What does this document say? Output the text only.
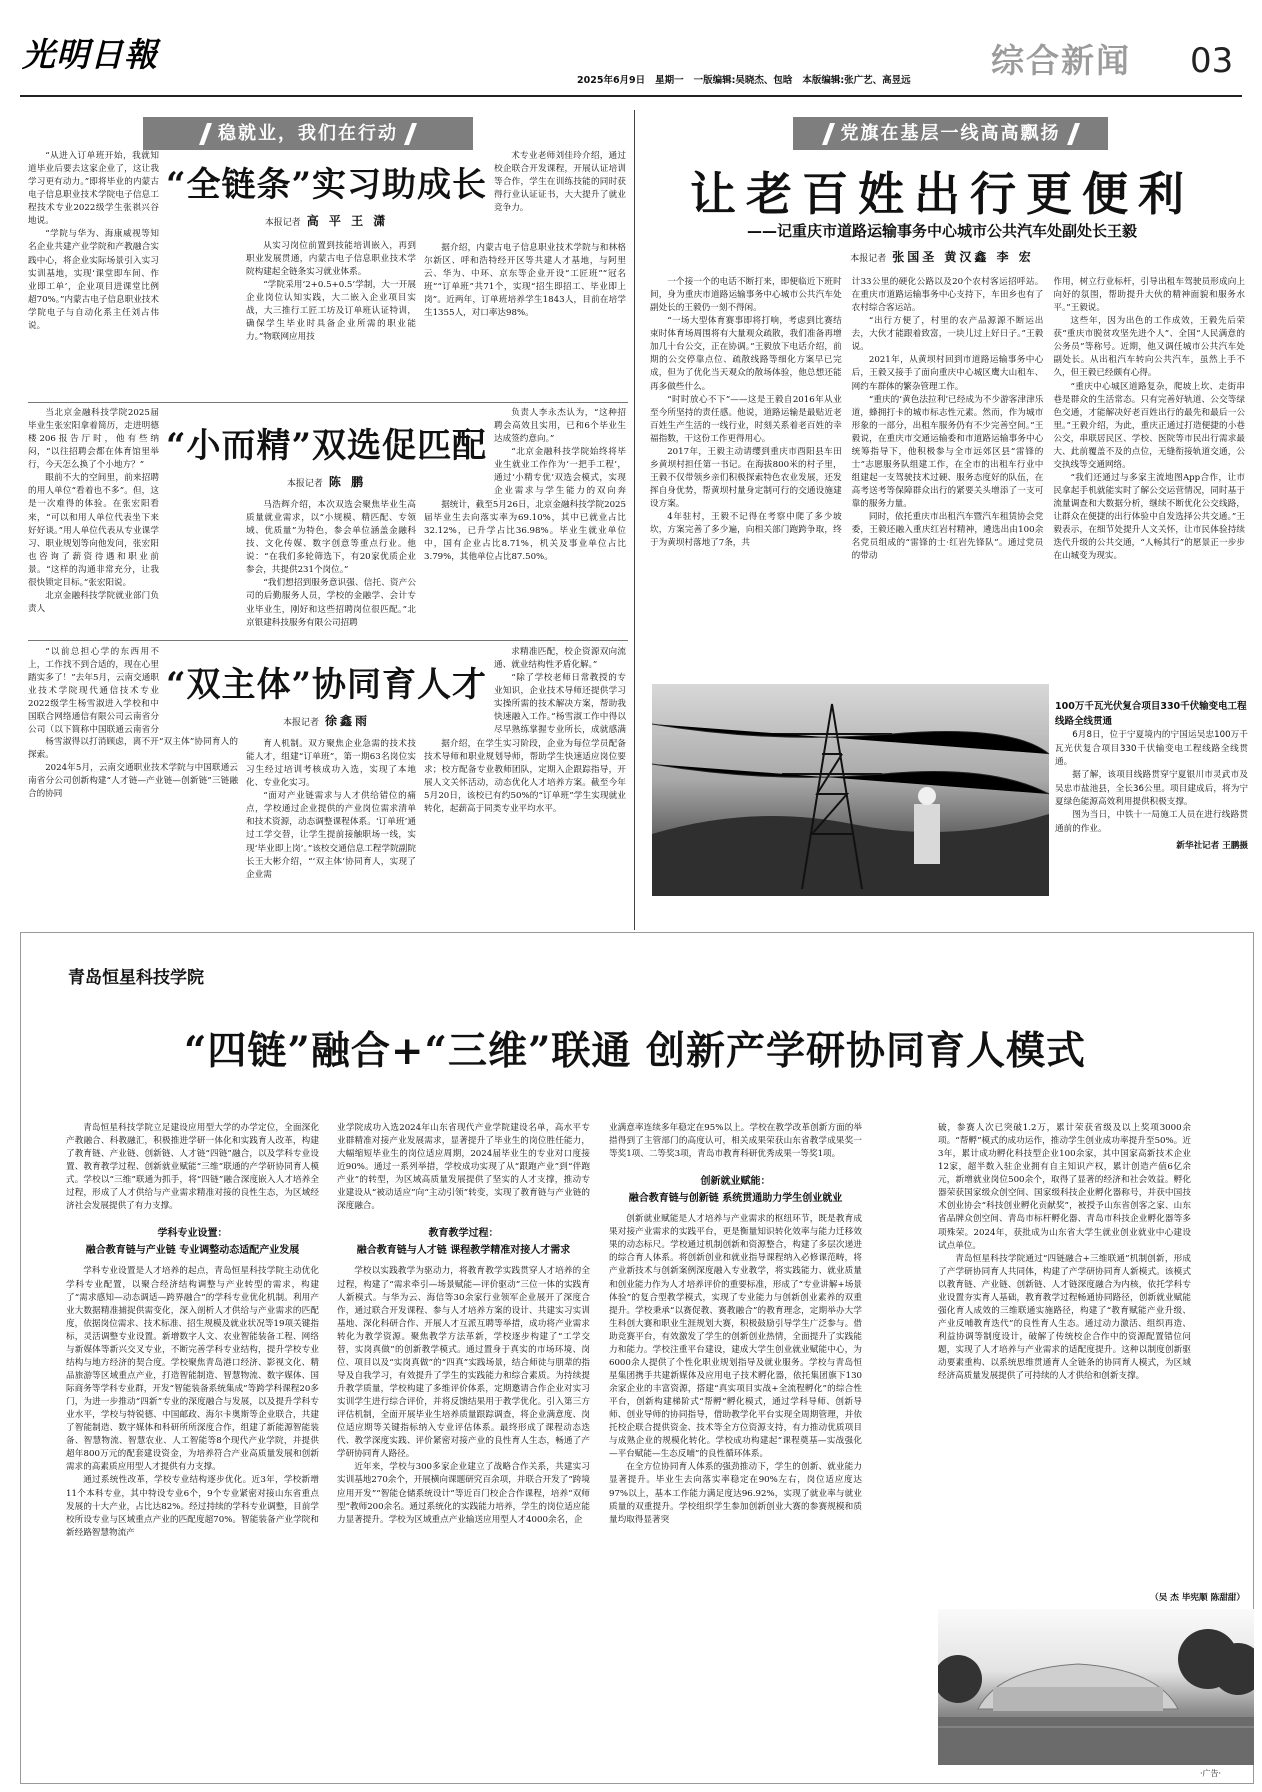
光明日報
2025年6月9日 星期一 一版编辑:吴晓杰、包晗 本版编辑:张广艺、高昱远
综合新闻	03
稳就业，我们在行动

“从进入订单班开始，我就知道毕业后要去这家企业了，这让我学习更有动力。”即将毕业的内蒙古电子信息职业技术学院电子信息工程技术专业2022级学生张祺兴谷地说。

“学院与华为、海康威视等知名企业共建产业学院和产教融合实践中心，将企业实际场景引入实习实训基地，实现‘课堂即车间、作业即工单’，企业项目进课堂比例超70%。”内蒙古电子信息职业技术学院电子与自动化系主任刘占伟说。

“全链条”实习助成长
本报记者 高 平 王 潇

从实习岗位前置到技能培训嵌入，再到职业发展贯通，内蒙古电子信息职业技术学院构建起全链条实习就业体系。

“学院采用‘2+0.5+0.5’学制，大一开展企业岗位认知实践，大二嵌入企业项目实战，大三推行工匠工坊及订单班认证特训，确保学生毕业时具备企业所需的职业能力。”物联网应用技

术专业老师刘佳玲介绍，通过校企联合开发课程，开展认证培训等合作，学生在训练技能的同时获得行业认证证书，大大提升了就业竞争力。

据介绍，内蒙古电子信息职业技术学院与和林格尔新区、呼和浩特经开区等共建人才基地，与阿里云、华为、中环、京东等企业开设“工匠班”“冠名班”“订单班”共71个，实现“招生即招工、毕业即上岗”。近两年，订单班培养学生1843人，目前在培学生1355人，对口率达98%。

当北京金融科技学院2025届毕业生张宏阳拿着简历，走进明德楼206报告厅时，他有些纳闷，“以往招聘会都在体育馆里举行，今天怎么换了个小地方？”

眼前不大的空间里，前来招聘的用人单位“看着也不多”。但，这是一次难得的体验。在张宏阳看来，“可以和用人单位代表坐下来好好谈。”用人单位代表从专业课学习、职业规划等向他发问，张宏阳也咨询了薪资待遇和职业前景。“这样的沟通非常充分，让我很快锁定目标。”张宏阳说。

北京金融科技学院就业部门负责人

“小而精”双选促匹配
本报记者 陈 鹏

马浩辉介绍，本次双选会聚焦毕业生高质量就业需求，以“小规模、精匹配、专领域、优质量”为特色，参会单位涵盖金融科技、文化传媒、数字创意等重点行业。他说：“在我们多轮筛选下，有20家优质企业参会，共提供231个岗位。”

“我们想招到服务意识强、信托、资产公司的后勤服务人员，学校的金融学、会计专业毕业生，刚好和这些招聘岗位很匹配。”北京银建科技服务有限公司招聘

负责人李永杰认为，“这种招聘会高效且实用，已和6个毕业生达成签约意向。”

“北京金融科技学院始终将毕业生就业工作作为‘一把手工程’，通过‘小精专优’双选会模式，实现企业需求与学生能力的双向奔

据统计，截至5月26日，北京金融科技学院2025届毕业生去向落实率为69.10%，其中已就业占比32.12%，已升学占比36.98%。毕业生就业单位中，国有企业占比8.71%，机关及事业单位占比3.79%，其他单位占比87.50%。

“以前总担心学的东西用不上，工作找不到合适的，现在心里踏实多了！”去年5月，云南交通职业技术学院现代通信技术专业2022级学生杨雪淑进入学校和中国联合网络通信有限公司云南省分公司（以下简称中国联通云南省分

杨雪淑得以打消顾虑，离不开“双主体”协同育人的探索。

2024年5月，云南交通职业技术学院与中国联通云南省分公司创新构建“人才链—产业链—创新链”三链融合的协同

“双主体”协同育人才
本报记者 徐鑫雨

育人机制。双方聚焦企业急需的技术技能人才，组建“订单班”，第一期63名岗位实习生经过培训考核成功入选，实现了本地化、专业化实习。

“面对产业链需求与人才供给错位的痛点，学校通过企业提供的产业岗位需求清单和技术资源，动态调整课程体系。‘订单班’通过工学交替，让学生提前接触职场一线，实现‘毕业即上岗’。”该校交通信息工程学院副院长王大彬介绍，“‘双主体’协同育人，实现了企业需

求精准匹配，校企资源双向流通、就业结构性矛盾化解。”

“除了学校老师日常教授的专业知识，企业技术导师还提供学习实操所需的技术解决方案，帮助我快速融入工作。”杨雪淑工作中得以尽早熟练掌握专业所长，成就感满

据介绍，在学生实习阶段，企业为每位学员配备技术导师和职业规划导师，帮助学生快速适应岗位要求；校方配备专业教师团队，定期入企跟踪指导，开展人文关怀活动，动态优化人才培养方案。截至今年5月20日，该校已有约50%的“订单班”学生实现就业转化，起薪高于同类专业平均水平。

党旗在基层一线高高飘扬
让老百姓出行更便利
——记重庆市道路运输事务中心城市公共汽车处副处长王毅
本报记者 张国圣 黄汉鑫 李 宏

一个接一个的电话不断打来，即便临近下班时间，身为重庆市道路运输事务中心城市公共汽车处副处长的王毅仍一刻不得闲。

“一场大型体育赛事即将打响，考虑到比赛结束时体育场周围将有大量观众疏散，我们准备再增加几十台公交，正在协调。”王毅放下电话介绍，前期的公交停靠点位、疏散线路等细化方案早已完成，但为了优化当天观众的散场体验，他总想还能再多做些什么。

“时时放心不下”——这是王毅自2016年从业至今所坚持的责任感。他说，道路运输是最贴近老百姓生产生活的一线行业，时刻关系着老百姓的幸福指数，干这份工作更得用心。

2017年，王毅主动请缨到重庆市酉阳县车田乡黄坝村担任第一书记。在海拔800米的村子里，王毅不仅带领乡亲们积极探索特色农业发展，还发挥自身优势，帮黄坝村量身定制可行的交通设施建设方案。

4年驻村，王毅不记得在考察中爬了多少坡坎，方案完善了多少遍，向相关部门跑跨争取，终于为黄坝村落地了7条，共

计33公里的硬化公路以及20个农村客运招呼站。在重庆市道路运输事务中心支持下，车田乡也有了农村综合客运站。

“出行方便了，村里的农产品源源不断运出去，大伙才能跟着致富，一块儿过上好日子。”王毅说。

2021年，从黄坝村回到市道路运输事务中心后，王毅又接手了面向重庆中心城区鹰大山租车、网约车群体的繁杂管理工作。

“重庆的‘黄色法拉利’已经成为不少游客津津乐道，蜂拥打卡的城市标志性元素。然而，作为城市形象的一部分，出租车服务仍有不少完善空间。”王毅说，在重庆市交通运输委和市道路运输事务中心统筹指导下，他积极参与全市远郊区县“雷锋的士”志愿服务队组建工作，在全市的出租车行业中组建起一支驾驶技术过硬、服务态度好的队伍，在高考送考等保障群众出行的紧要关头增添了一支可靠的服务力量。

同时，依托重庆市出租汽车暨汽车租赁协会党委，王毅还融入重庆红岩村精神，遴选出由100余名党员组成的“雷锋的士·红岩先锋队”。通过党员的带动

作用，树立行业标杆，引导出租车驾驶员形成向上向好的氛围，帮助提升大伙的精神面貌和服务水平。”王毅说。

这些年，因为出色的工作成效，王毅先后荣获“重庆市脱贫攻坚先进个人”、全国“人民满意的公务员”等称号。近期，他又调任城市公共汽车处副处长。从出租汽车转向公共汽车，虽然上手不久，但王毅已经颇有心得。

“重庆中心城区道路复杂，爬坡上坎、走街串巷是群众的生活常态。只有完善好轨道、公交等绿色交通，才能解决好老百姓出行的最先和最后一公里。”王毅介绍，为此，重庆正通过打造便捷的小巷公交，串联居民区、学校、医院等市民出行需求最大、此前覆盖不及的点位，无缝衔接轨道交通，公交执线等交通网络。

“我们还通过与多家主流地图App合作，让市民拿起手机就能实时了解公交运营情况，同时基于流量调查和大数据分析，继续不断优化公交线路，让群众在便捷的出行体验中自发选择公共交通。”王毅表示，在细节处提升人文关怀，让市民体验持续迭代升级的公共交通，“人畅其行”的愿景正一步步在山城变为现实。

100万千瓦光伏复合项目330千伏输变电工程线路全线贯通

6月8日，位于宁夏境内的宁国运吴忠100万千瓦光伏复合项目330千伏输变电工程线路全线贯通。

据了解，该项目线路贯穿宁夏银川市灵武市及吴忠市盐池县，全长36公里。项目建成后，将为宁夏绿色能源高效利用提供积极支撑。

图为当日，中铁十一局施工人员在进行线路贯通前的作业。

新华社记者 王鹏摄
青岛恒星科技学院
“四链”融合+“三维”联通 创新产学研协同育人模式

青岛恒星科技学院立足建设应用型大学的办学定位，全面深化产教融合、科教融汇，积极推进学研一体化和实践育人改革，构建了教育链、产业链、创新链、人才链“四链”融合，以及学科专业设置、教育教学过程、创新就业赋能“三维”联通的产学研协同育人模式。学校以“三维”联通为抓手，将“四链”融合深度嵌入人才培养全过程，形成了人才供给与产业需求精准对接的良性生态，为区域经济社会发展提供了有力支撑。

学科专业设置：
融合教育链与产业链 专业调整动态适配产业发展

学科专业设置是人才培养的起点，青岛恒星科技学院主动优化学科专业配置，以聚合经济结构调整与产业转型的需求，构建了“需求感知—动态调适—跨界融合”的学科专业优化机制。利用产业大数据精准捕捉供需变化，深入剖析人才供给与产业需求的匹配度，依据岗位需求、技术标准、招生规模及就业状况等19项关键指标，灵活调整专业设置。新增数字人文、农业智能装备工程、网络与新媒体等新兴交叉专业，不断完善学科专业结构，提升学校专业结构与地方经济的契合度。学校聚焦青岛港口经济、影视文化、精品旅游等区域重点产业，打造智能制造、智慧物流、数字媒体、国际商务等学科专业群，开发“智能装备系统集成”等跨学科课程20多门，为进一步推动“四新”专业的深度融合与发展，以及提升学科专业水平，学校与特锐德、中国邮政、海尔卡奥斯等企业联合，共建了智能制造、数字媒体和科研所所深度合作，组建了新能源智能装备、智慧物流、智慧农业、人工智能等8个现代产业学院，并提供超年800万元的配套建设资金，为培养符合产业高质量发展和创新需求的高素质应用型人才提供有力支撑。

通过系统性改革，学校专业结构逐步优化。近3年，学校新增11个本科专业，其中特设专业6个，9个专业紧密对接山东省重点发展的十大产业，占比达82%。经过持续的学科专业调整，目前学校所设专业与区域重点产业的匹配度超70%。智能装备产业学院和新经路智慧物流产

业学院成功入选2024年山东省现代产业学院建设名单，高水平专业群精准对接产业发展需求，显著提升了毕业生的岗位胜任能力，大幅缩短毕业生的岗位适应周期，2024届毕业生的专业对口度接近90%。通过一系列举措，学校成功实现了从“跟跑产业”到“伴跑产业”的转型，为区域高质量发展提供了坚实的人才支撑，推动专业建设从“被动适应”向“主动引领”转变，实现了教育链与产业链的深度融合。

教育教学过程：
融合教育链与人才链 课程教学精准对接人才需求

学校以实践教学为驱动力，将教育教学实践贯穿人才培养的全过程，构建了“需求牵引—场景赋能—评价驱动”三位一体的实践育人新模式。与华为云、海信等30余家行业领军企业展开了深度合作，通过联合开发课程、参与人才培养方案的设计、共建实习实训基地、深化科研合作、开展人才互派互聘等举措，成功将产业需求转化为教学资源。聚焦教学方法革新，学校逐步构建了“工学交替，实岗真做”的创新教学模式。通过置身于真实的市场环境、岗位、项目以及“实岗真做”的“四真”实践场景，结合师徒与朋辈的指导及自我学习，有效提升了学生的实践能力和综合素质。为持续提升教学质量，学校构建了多维评价体系，定期邀请合作企业对实习实训学生进行综合评价，并将反馈结果用于教学优化。引入第三方评估机制，全面开展毕业生培养质量跟踪调查，将企业满意度、岗位适应期等关键指标纳入专业评估体系。最终形成了课程动态迭代、教学深度实践、评价紧密对接产业的良性育人生态，畅通了产学研协同育人路径。

近年来，学校与300多家企业建立了战略合作关系，共建实习实训基地270余个，开展横向课题研究百余项，并联合开发了“跨境应用开发”“智能仓储系统设计”等近百门校企合作课程，培养“双师型”教师200余名。通过系统化的实践能力培养，学生的岗位适应能力显著提升。学校为区域重点产业输送应用型人才4000余名，企

业满意率连续多年稳定在95%以上。学校在教学改革创新方面的举措得到了主管部门的高度认可，相关成果荣获山东省教学成果奖一等奖1项、二等奖3项，青岛市教育科研优秀成果一等奖1项。

创新就业赋能：
融合教育链与创新链 系统贯通助力学生创业就业

创新就业赋能是人才培养与产业需求的枢纽环节，既是教育成果对接产业需求的实践平台，更是衡量知识转化效率与能力迁移效果的动态标尺。学校通过机制创新和资源整合，构建了多层次递进的综合育人体系。将创新创业和就业指导课程纳入必修课范畴，将产业新技术与创新案例深度融入专业教学，将实践能力、就业质量和创业能力作为人才培养评价的重要标准，形成了“专业讲解+场景体验”的复合型教学模式，实现了专业能力与创新创业素养的双重提升。学校秉承“以赛促教、赛教融合”的教育理念，定期举办大学生科创大赛和职业生涯规划大赛，积极鼓励引导学生广泛参与。借助竞赛平台，有效激发了学生的创新创业热情，全面提升了实践能力和能力。学校注重平台建设，建成大学生创业就业赋能中心，为6000余人提供了个性化职业规划指导及就业服务。学校与青岛恒星集团携手共建新媒体及应用电子技术孵化器，依托集团旗下130余家企业的丰富资源，搭建“真实项目实战+全流程孵化”的综合性平台，创新构建梯阶式“帮孵”孵化模式，通过学科导师、创新导师、创业导师的协同指导，借助教学化平台实现全周期管理，并依托校企联合提供资金、技术等全方位资源支持，有力推动优质项目与成熟企业的规模化转化。学校成功构建起“课程奠基—实战强化—平台赋能—生态反哺”的良性循环体系。

在全方位协同育人体系的强劲推动下，学生的创新、就业能力显著提升。毕业生去向落实率稳定在90%左右，岗位适应度达97%以上，基本工作能力满足度达96.92%，实现了就业率与就业质量的双重提升。学校组织学生参加创新创业大赛的参赛规模和质量均取得显著突

破，参赛人次已突破1.2万，累计荣获省级及以上奖项3000余项。“帮孵”模式的成功运作，推动学生创业成功率提升至50%。近3年，累计成功孵化科技型企业100余家，其中国家高新技术企业12家，超半数入驻企业拥有自主知识产权，累计创造产值6亿余元，新增就业岗位500余个，取得了显著的经济和社会效益。孵化器荣获国家级众创空间、国家级科技企业孵化器称号，并获中国技术创业协会“科技创业孵化贡献奖”，被授予山东省创客之家、山东省品牌众创空间、青岛市标杆孵化器、青岛市科技企业孵化器等多项殊荣。2024年，获批成为山东省大学生就业创业就业中心建设试点单位。

青岛恒星科技学院通过“四链融合+三维联通”机制创新，形成了产学研协同育人共同体，构建了产学研协同育人新模式。该模式以教育链、产业链、创新链、人才链深度融合为内核，依托学科专业设置夯实育人基础，教育教学过程畅通协同路径，创新就业赋能强化育人成效的三维联通实施路径，构建了“教育赋能产业升级、产业反哺教育迭代”的良性育人生态。通过动力激活、组织再造、利益协调等制度设计，破解了传统校企合作中的资源配置错位问题，实现了人才培养与产业需求的适配度提升。这种以制度创新驱动要素重构、以系统思维贯通育人全链条的协同育人模式，为区域经济高质量发展提供了可持续的人才供给和创新支撑。

（吴 杰 毕宪顺 陈甜甜）
·广告·
